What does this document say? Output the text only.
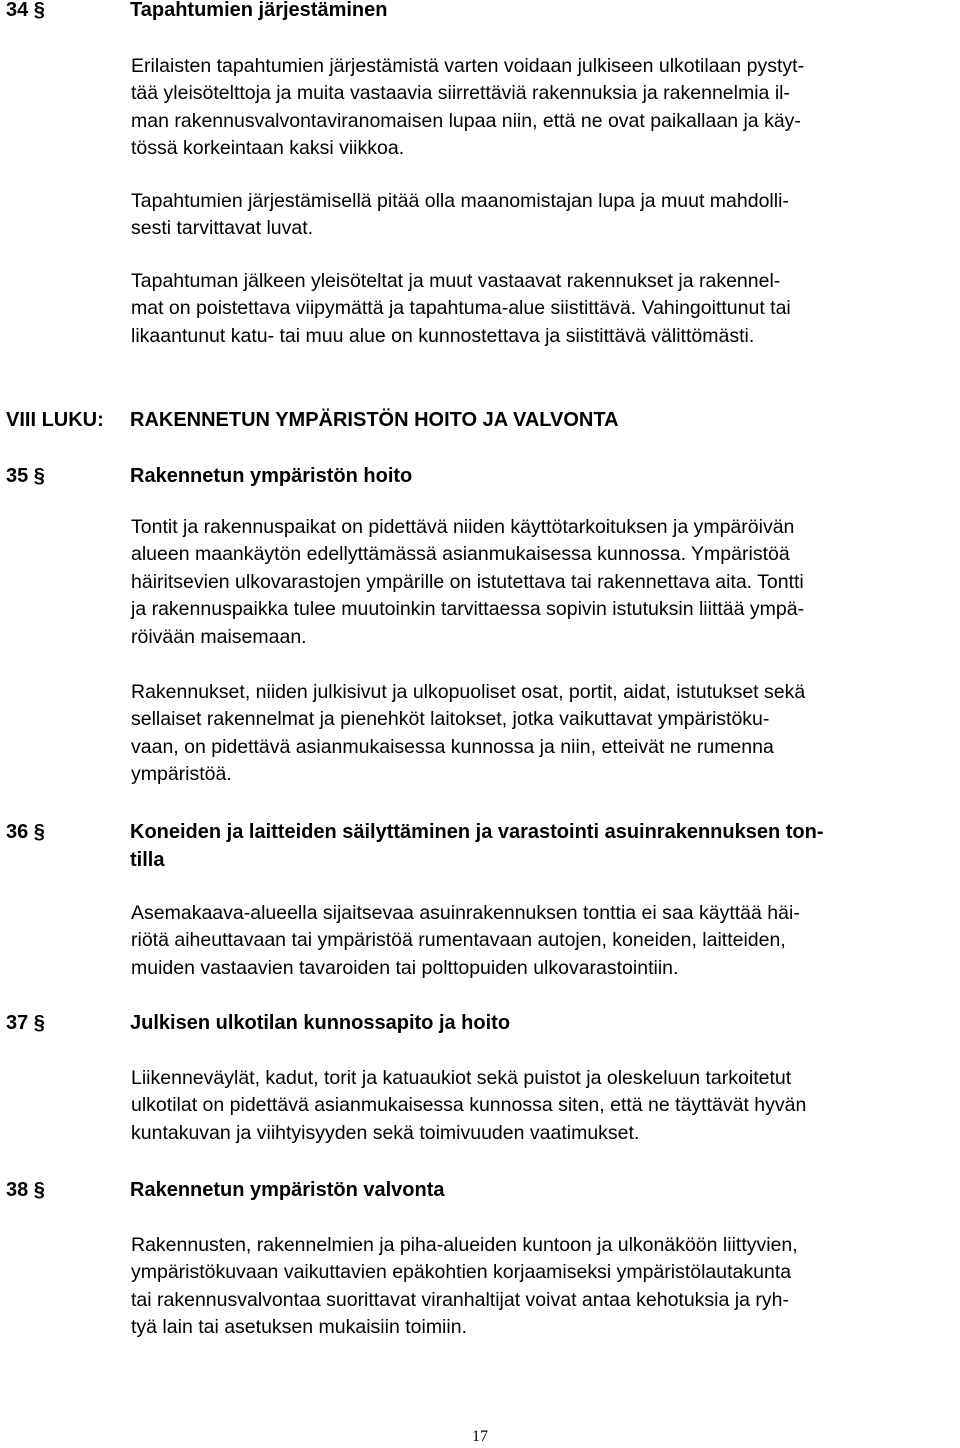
34 §	Tapahtumien järjestäminen

Erilaisten tapahtumien järjestämistä varten voidaan julkiseen ulkotilaan pystyt-
tää yleisötelttoja ja muita vastaavia siirrettäviä rakennuksia ja rakennelmia il-
man rakennusvalvontaviranomaisen lupaa niin, että ne ovat paikallaan ja käy-
tössä korkeintaan kaksi viikkoa.

Tapahtumien järjestämisellä pitää olla maanomistajan lupa ja muut mahdolli-
sesti tarvittavat luvat.

Tapahtuman jälkeen yleisöteltat ja muut vastaavat rakennukset ja rakennel-
mat on poistettava viipymättä ja tapahtuma-alue siistittävä. Vahingoittunut tai
likaantunut katu- tai muu alue on kunnostettava ja siistittävä välittömästi.

VIII LUKU:	RAKENNETUN YMPÄRISTÖN HOITO JA VALVONTA
35 §	Rakennetun ympäristön hoito

Tontit ja rakennuspaikat on pidettävä niiden käyttötarkoituksen ja ympäröivän
alueen maankäytön edellyttämässä asianmukaisessa kunnossa. Ympäristöä
häiritsevien ulkovarastojen ympärille on istutettava tai rakennettava aita. Tontti
ja rakennuspaikka tulee muutoinkin tarvittaessa sopivin istutuksin liittää ympä-
röivään maisemaan.

Rakennukset, niiden julkisivut ja ulkopuoliset osat, portit, aidat, istutukset sekä
sellaiset rakennelmat ja pienehköt laitokset, jotka vaikuttavat ympäristöku-
vaan, on pidettävä asianmukaisessa kunnossa ja niin, etteivät ne rumenna
ympäristöä.

36 §	Koneiden ja laitteiden säilyttäminen ja varastointi asuinrakennuksen ton-
tilla

Asemakaava-alueella sijaitsevaa asuinrakennuksen tonttia ei saa käyttää häi-
riötä aiheuttavaan tai ympäristöä rumentavaan autojen, koneiden, laitteiden,
muiden vastaavien tavaroiden tai polttopuiden ulkovarastointiin.

37 §	Julkisen ulkotilan kunnossapito ja hoito

Liikenneväylät, kadut, torit ja katuaukiot sekä puistot ja oleskeluun tarkoitetut
ulkotilat on pidettävä asianmukaisessa kunnossa siten, että ne täyttävät hyvän
kuntakuvan ja viihtyisyyden sekä toimivuuden vaatimukset.

38 §	Rakennetun ympäristön valvonta

Rakennusten, rakennelmien ja piha-alueiden kuntoon ja ulkonäköön liittyvien,
ympäristökuvaan vaikuttavien epäkohtien korjaamiseksi ympäristölautakunta
tai rakennusvalvontaa suorittavat viranhaltijat voivat antaa kehotuksia ja ryh-
tyä lain tai asetuksen mukaisiin toimiin.

17
